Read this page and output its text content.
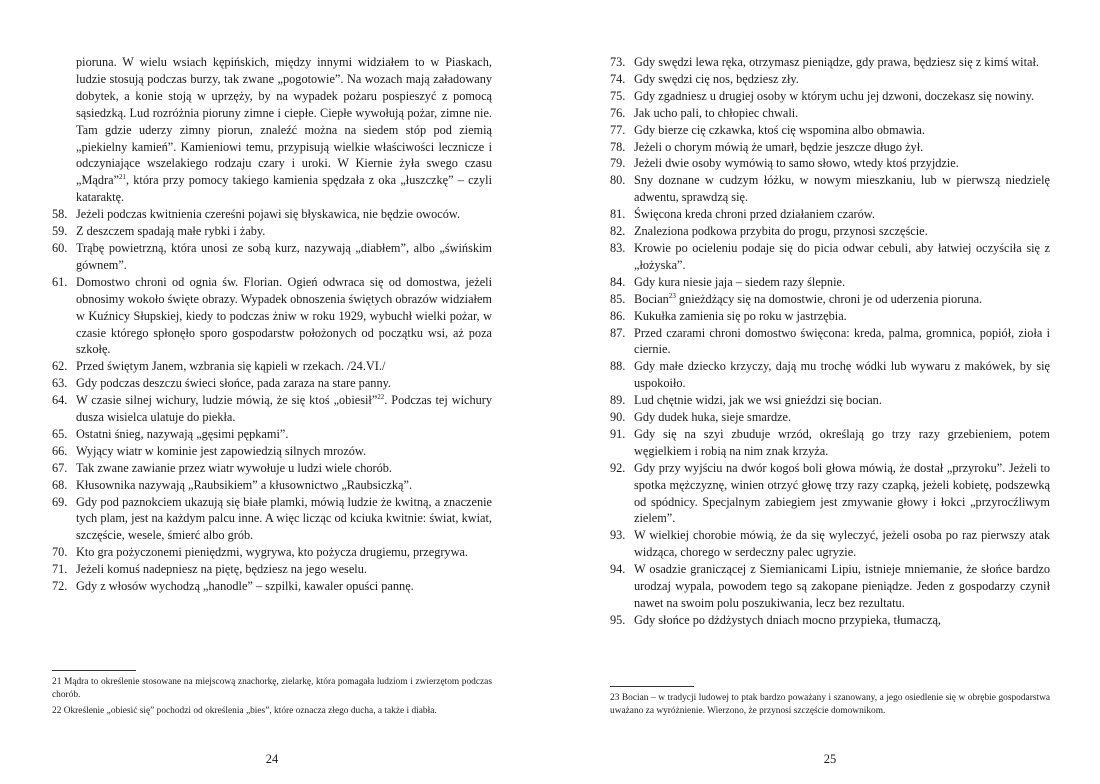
pioruna. W wielu wsiach kępińskich, między innymi widziałem to w Piaskach, ludzie stosują podczas burzy, tak zwane „pogotowie”. Na wozach mają załadowany dobytek, a konie stoją w uprzęży, by na wypadek pożaru pospieszyć z pomocą sąsiedzką. Lud rozróżnia pioruny zimne i ciepłe. Ciepłe wywołują pożar, zimne nie. Tam gdzie uderzy zimny piorun, znaleźć można na siedem stóp pod ziemią „piekielny kamień”. Kamieniowi temu, przypisują wielkie właściwości lecznicze i odczyniające wszelakiego rodzaju czary i uroki. W Kiernie żyła swego czasu „Mądra”$^{21}$, która przy pomocy takiego kamienia spędzała z oka „łuszczkę” – czyli kataraktę.

58. Jeżeli podczas kwitnienia czereśni pojawi się błyskawica, nie będzie owoców.
59. Z deszczem spadają małe rybki i żaby.
60. Trąbę powietrzną, która unosi ze sobą kurz, nazywają „diabłem”, albo „świńskim gównem”.
61. Domostwo chroni od ognia św. Florian. Ogień odwraca się od domostwa, jeżeli obnosimy wokoło święte obrazy. Wypadek obnoszenia świętych obrazów widziałem w Kuźnicy Słupskiej, kiedy to podczas żniw w roku 1929, wybuchł wielki pożar, w czasie którego spłonęło sporo gospodarstw położonych od początku wsi, aż poza szkołę.
62. Przed świętym Janem, wzbrania się kąpieli w rzekach. /24.VI./
63. Gdy podczas deszczu świeci słońce, pada zaraza na stare panny.
64. W czasie silnej wichury, ludzie mówią, że się ktoś „obiesił”$^{22}$. Podczas tej wichury dusza wisielca ulatuje do piekła.
65. Ostatni śnieg, nazywają „gęsimi pępkami”.
66. Wyjący wiatr w kominie jest zapowiedzią silnych mrozów.
67. Tak zwane zawianie przez wiatr wywołuje u ludzi wiele chorób.
68. Kłusownika nazywają „Raubsikiem” a kłusownictwo „Raubsiczką”.
69. Gdy pod paznokciem ukazują się białe plamki, mówią ludzie że kwitną, a znaczenie tych plam, jest na każdym palcu inne. A więc licząc od kciuka kwitnie: świat, kwiat, szczęście, wesele, śmierć albo grób.
70. Kto gra pożyczonemi pieniędzmi, wygrywa, kto pożycza drugiemu, przegrywa.
71. Jeżeli komuś nadepniesz na piętę, będziesz na jego weselu.
72. Gdy z włosów wychodzą „hanodle” – szpilki, kawaler opuści pannę.

21 Mądra to określenie stosowane na miejscową znachorkę, zielarkę, która pomagała ludziom i zwierzętom podczas chorób.

22 Określenie „obiesić się” pochodzi od określenia „bies”, które oznacza złego ducha, a także i diabła.

24
73. Gdy swędzi lewa ręka, otrzymasz pieniądze, gdy prawa, będziesz się z kimś witał.
74. Gdy swędzi cię nos, będziesz zły.
75. Gdy zgadniesz u drugiej osoby w którym uchu jej dzwoni, doczekasz się nowiny.
76. Jak ucho pali, to chłopiec chwali.
77. Gdy bierze cię czkawka, ktoś cię wspomina albo obmawia.
78. Jeżeli o chorym mówią że umarł, będzie jeszcze długo żył.
79. Jeżeli dwie osoby wymówią to samo słowo, wtedy ktoś przyjdzie.
80. Sny doznane w cudzym łóżku, w nowym mieszkaniu, lub w pierwszą niedzielę adwentu, sprawdzą się.
81. Święcona kreda chroni przed działaniem czarów.
82. Znaleziona podkowa przybita do progu, przynosi szczęście.
83. Krowie po ocieleniu podaje się do picia odwar cebuli, aby łatwiej oczyściła się z „łożyska”.
84. Gdy kura niesie jaja – siedem razy ślepnie.
85. Bocian$^{23}$ gnieżdżący się na domostwie, chroni je od uderzenia pioruna.
86. Kukułka zamienia się po roku w jastrzębia.
87. Przed czarami chroni domostwo święcona: kreda, palma, gromnica, popiół, zioła i ciernie.
88. Gdy małe dziecko krzyczy, dają mu trochę wódki lub wywaru z makówek, by się uspokoiło.
89. Lud chętnie widzi, jak we wsi gnieździ się bocian.
90. Gdy dudek huka, sieje smardze.
91. Gdy się na szyi zbuduje wrzód, określają go trzy razy grzebieniem, potem węgielkiem i robią na nim znak krzyża.
92. Gdy przy wyjściu na dwór kogoś boli głowa mówią, że dostał „przyroku”. Jeżeli to spotka mężczyznę, winien otrzyć głowę trzy razy czapką, jeżeli kobietę, podszewką od spódnicy. Specjalnym zabiegiem jest zmywanie głowy i łokci „przyrocźliwym zielem”.
93. W wielkiej chorobie mówią, że da się wyleczyć, jeżeli osoba po raz pierwszy atak widząca, chorego w serdeczny palec ugryzie.
94. W osadzie graniczącej z Siemianicami Lipiu, istnieje mniemanie, że słońce bardzo urodzaj wypala, powodem tego są zakopane pieniądze. Jeden z gospodarzy czynił nawet na swoim polu poszukiwania, lecz bez rezultatu.
95. Gdy słońce po dżdżystych dniach mocno przypieka, tłumaczą,

23 Bocian – w tradycji ludowej to ptak bardzo poważany i szanowany, a jego osiedlenie się w obrębie gospodarstwa uważano za wyróżnienie. Wierzono, że przynosi szczęście domownikom.

25
